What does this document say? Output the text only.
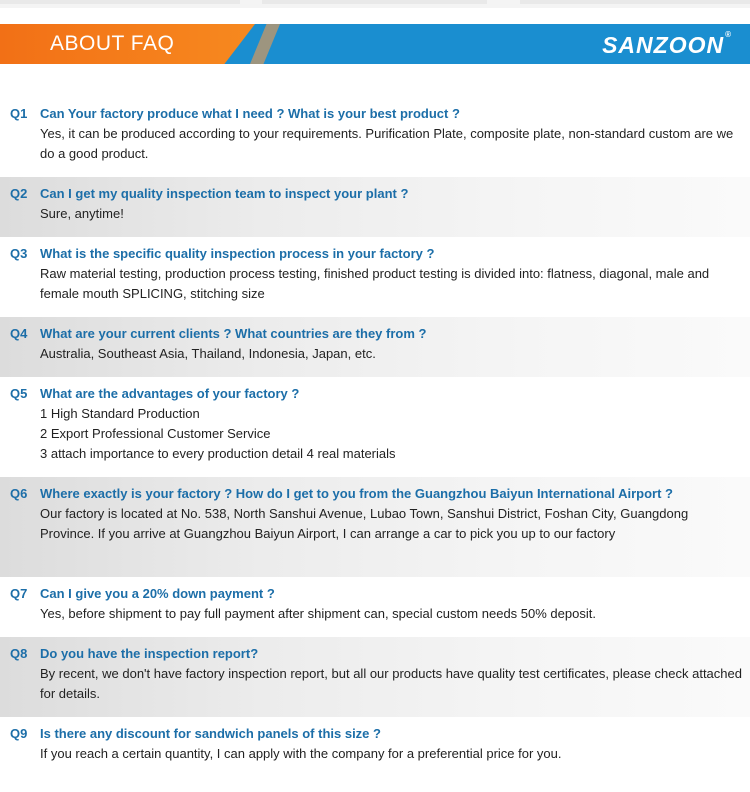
ABOUT FAQ	SANZOON®
Q1 Can Your factory produce what I need ? What is your best product ?
Yes, it can be produced according to your requirements. Purification Plate, composite plate, non-standard custom are we do a good product.
Q2 Can I get my quality inspection team to inspect your plant ?
Sure, anytime!
Q3 What is the specific quality inspection process in your factory ?
Raw material testing, production process testing, finished product testing is divided into: flatness, diagonal, male and female mouth SPLICING, stitching size
Q4 What are your current clients ? What countries are they from ?
Australia, Southeast Asia, Thailand, Indonesia, Japan, etc.
Q5 What are the advantages of your factory ?
1 High Standard Production
2 Export Professional Customer Service
3 attach importance to every production detail 4 real materials
Q6 Where exactly is your factory ? How do I get to you from the Guangzhou Baiyun International Airport ?
Our factory is located at No. 538, North Sanshui Avenue, Lubao Town, Sanshui District, Foshan City, Guangdong Province. If you arrive at Guangzhou Baiyun Airport, I can arrange a car to pick you up to our factory
Q7 Can I give you a 20% down payment ?
Yes, before shipment to pay full payment after shipment can, special custom needs 50% deposit.
Q8 Do you have the inspection report?
By recent, we don't have factory inspection report, but all our products have quality test certificates, please check attached for details.
Q9 Is there any discount for sandwich panels of this size ?
If you reach a certain quantity, I can apply with the company for a preferential price for you.
